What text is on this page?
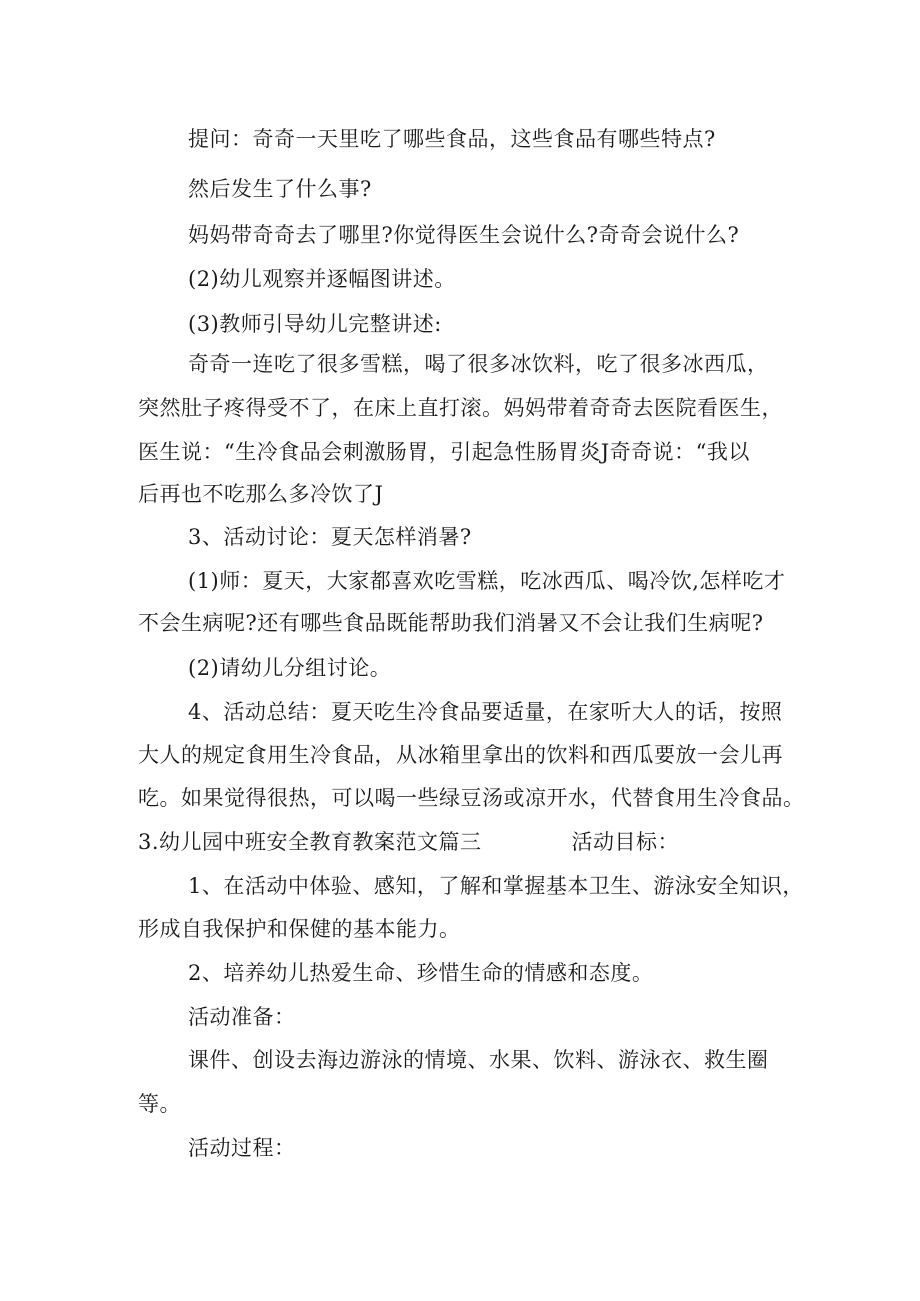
提问：奇奇一天里吃了哪些食品，这些食品有哪些特点?
然后发生了什么事?
妈妈带奇奇去了哪里?你觉得医生会说什么?奇奇会说什么?
(2)幼儿观察并逐幅图讲述。
(3)教师引导幼儿完整讲述:
奇奇一连吃了很多雪糕，喝了很多冰饮料，吃了很多冰西瓜，
突然肚子疼得受不了，在床上直打滚。妈妈带着奇奇去医院看医生，
医生说：“生冷食品会刺激肠胃，引起急性肠胃炎J奇奇说：“我以
后再也不吃那么多冷饮了J
3、活动讨论：夏天怎样消暑?
(1)师：夏天，大家都喜欢吃雪糕，吃冰西瓜、喝冷饮,怎样吃才
不会生病呢?还有哪些食品既能帮助我们消暑又不会让我们生病呢?
(2)请幼儿分组讨论。
4、活动总结：夏天吃生冷食品要适量，在家听大人的话，按照
大人的规定食用生冷食品，从冰箱里拿出的饮料和西瓜要放一会儿再
吃。如果觉得很热，可以喝一些绿豆汤或凉开水，代替食用生冷食品。
3.幼儿园中班安全教育教案范文篇三	活动目标：
1、在活动中体验、感知，了解和掌握基本卫生、游泳安全知识，
形成自我保护和保健的基本能力。
2、培养幼儿热爱生命、珍惜生命的情感和态度。
活动准备：
课件、创设去海边游泳的情境、水果、饮料、游泳衣、救生圈
等。
活动过程：
